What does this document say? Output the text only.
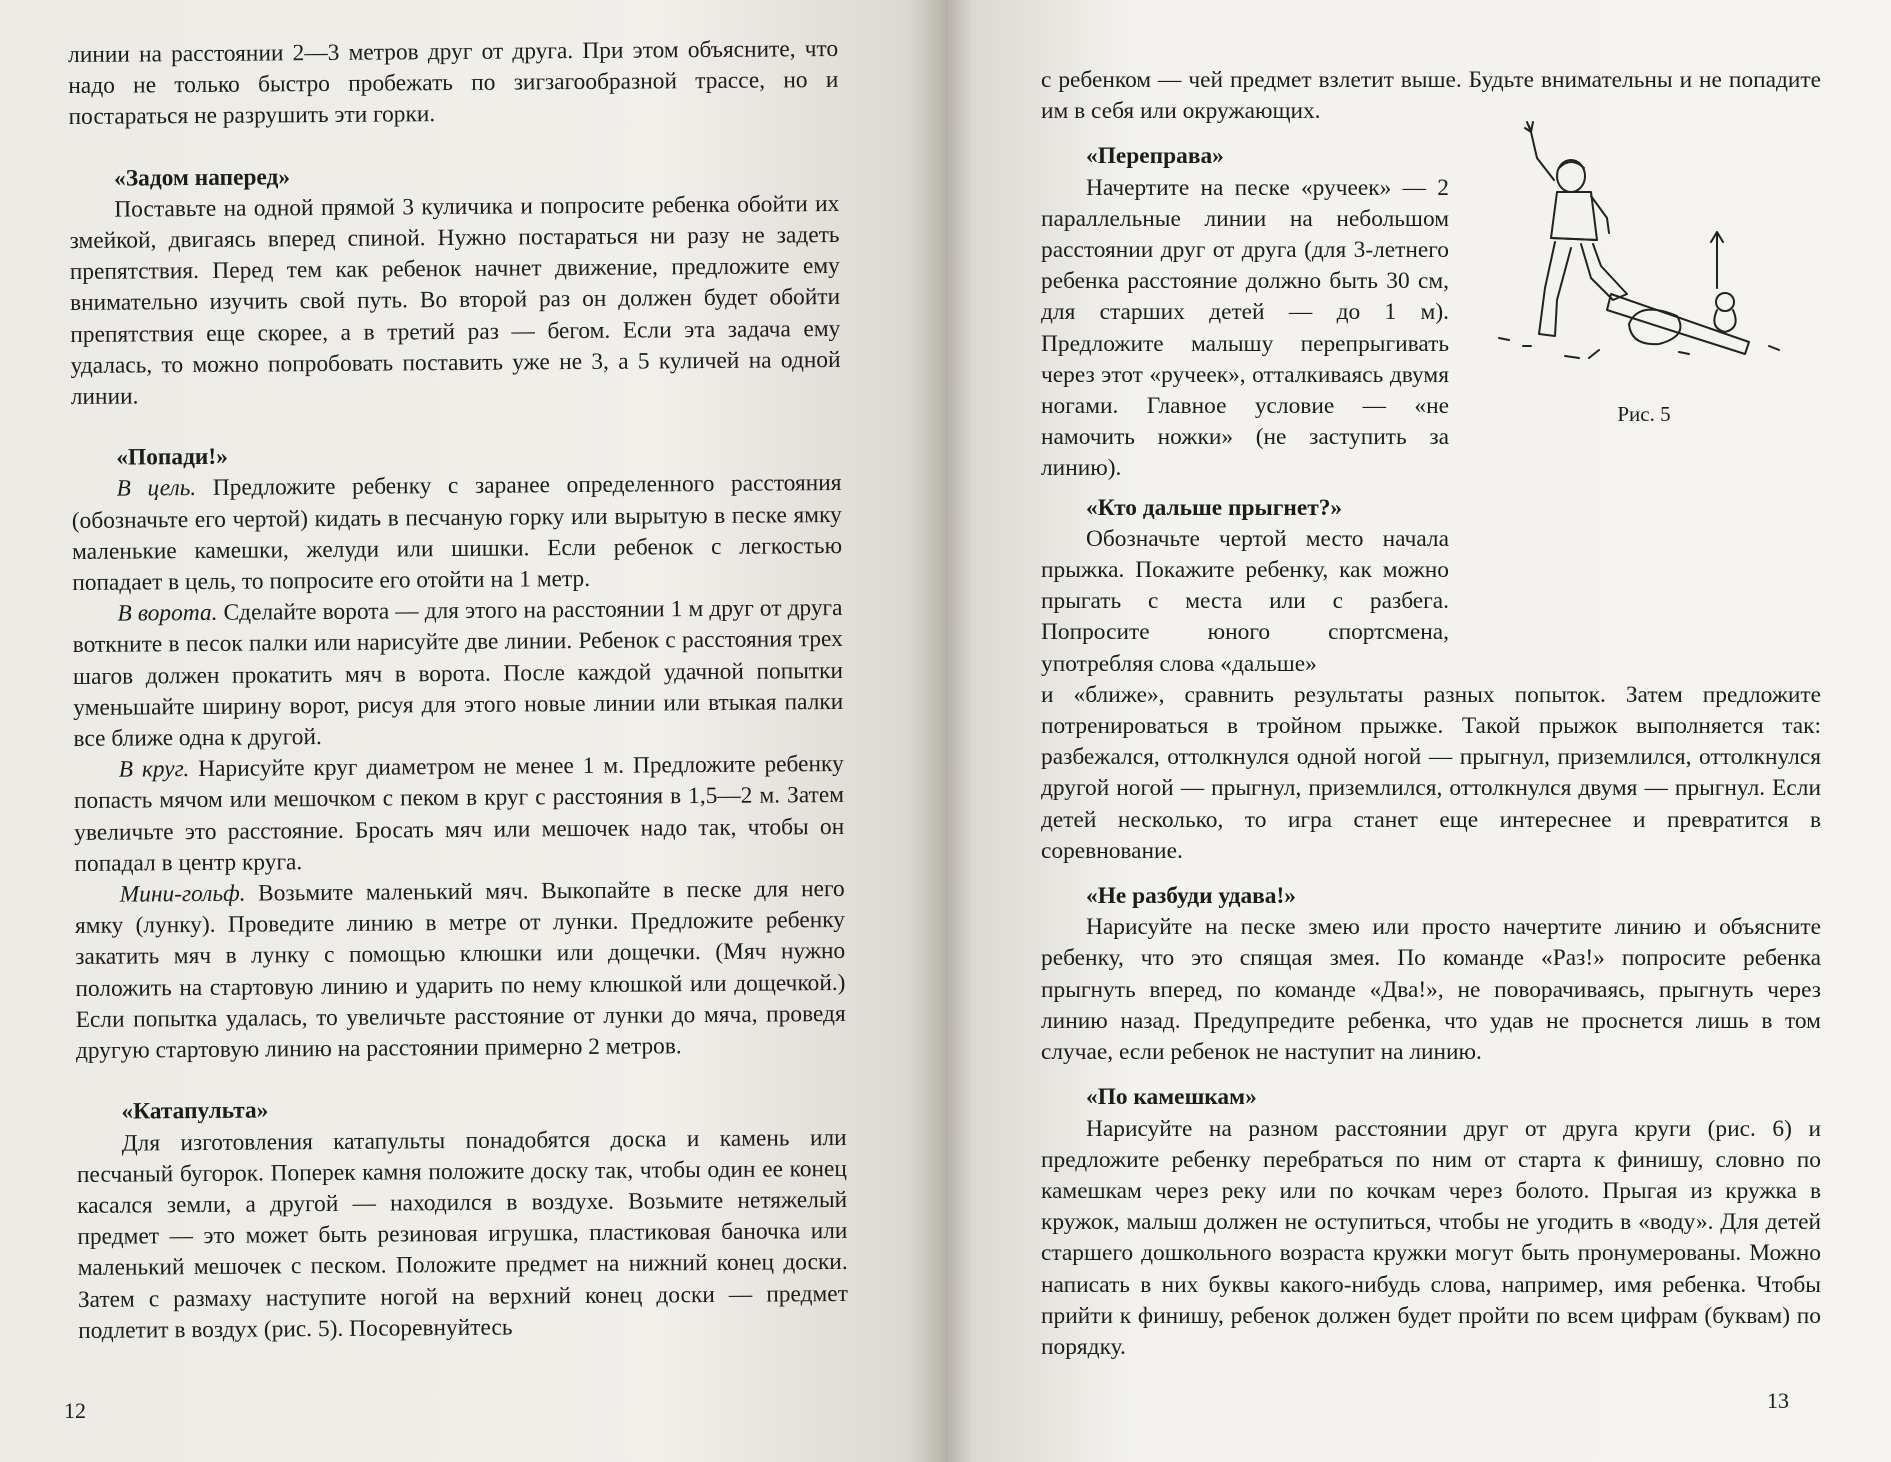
линии на расстоянии 2—3 метров друг от друга. При этом объясните, что надо не только быстро пробежать по зигзагообразной трассе, но и постараться не разрушить эти горки.

«Задом наперед»

Поставьте на одной прямой 3 куличика и попросите ребенка обойти их змейкой, двигаясь вперед спиной. Нужно постараться ни разу не задеть препятствия. Перед тем как ребенок начнет движение, предложите ему внимательно изучить свой путь. Во второй раз он должен будет обойти препятствия еще скорее, а в третий раз — бегом. Если эта задача ему удалась, то можно попробовать поставить уже не 3, а 5 куличей на одной линии.

«Попади!»

В цель. Предложите ребенку с заранее определенного расстояния (обозначьте его чертой) кидать в песчаную горку или вырытую в песке ямку маленькие камешки, желуди или шишки. Если ребенок с легкостью попадает в цель, то попросите его отойти на 1 метр.

В ворота. Сделайте ворота — для этого на расстоянии 1 м друг от друга воткните в песок палки или нарисуйте две линии. Ребенок с расстояния трех шагов должен прокатить мяч в ворота. После каждой удачной попытки уменьшайте ширину ворот, рисуя для этого новые линии или втыкая палки все ближе одна к другой.

В круг. Нарисуйте круг диаметром не менее 1 м. Предложите ребенку попасть мячом или мешочком с пеком в круг с расстояния в 1,5—2 м. Затем увеличьте это расстояние. Бросать мяч или мешочек надо так, чтобы он попадал в центр круга.

Мини-гольф. Возьмите маленький мяч. Выкопайте в песке для него ямку (лунку). Проведите линию в метре от лунки. Предложите ребенку закатить мяч в лунку с помощью клюшки или дощечки. (Мяч нужно положить на стартовую линию и ударить по нему клюшкой или дощечкой.) Если попытка удалась, то увеличьте расстояние от лунки до мяча, проведя другую стартовую линию на расстоянии примерно 2 метров.

«Катапульта»

Для изготовления катапульты понадобятся доска и камень или песчаный бугорок. Поперек камня положите доску так, чтобы один ее конец касался земли, а другой — находился в воздухе. Возьмите нетяжелый предмет — это может быть резиновая игрушка, пластиковая баночка или маленький мешочек с песком. Положите предмет на нижний конец доски. Затем с размаху наступите ногой на верхний конец доски — предмет подлетит в воздух (рис. 5). Посоревнуйтесь

12

с ребенком — чей предмет взлетит выше. Будьте внимательны и не попадите им в себя или окружающих.

«Переправа»

Начертите на песке «ручеек» — 2 параллельные линии на небольшом расстоянии друг от друга (для 3-летнего ребенка расстояние должно быть 30 см, для старших детей — до 1 м). Предложите малышу перепрыгивать через этот «ручеек», отталкиваясь двумя ногами. Главное условие — «не намочить ножки» (не заступить за линию).

«Кто дальше прыгнет?»

Обозначьте чертой место начала прыжка. Покажите ребенку, как можно прыгать с места или с разбега. Попросите юного спортсмена, употребляя слова «дальше»

и «ближе», сравнить результаты разных попыток. Затем предложите потренироваться в тройном прыжке. Такой прыжок выполняется так: разбежался, оттолкнулся одной ногой — прыгнул, приземлился, оттолкнулся другой ногой — прыгнул, приземлился, оттолкнулся двумя — прыгнул. Если детей несколько, то игра станет еще интереснее и превратится в соревнование.

«Не разбуди удава!»

Нарисуйте на песке змею или просто начертите линию и объясните ребенку, что это спящая змея. По команде «Раз!» попросите ребенка прыгнуть вперед, по команде «Два!», не поворачиваясь, прыгнуть через линию назад. Предупредите ребенка, что удав не проснется лишь в том случае, если ребенок не наступит на линию.

«По камешкам»

Нарисуйте на разном расстоянии друг от друга круги (рис. 6) и предложите ребенку перебраться по ним от старта к финишу, словно по камешкам через реку или по кочкам через болото. Прыгая из кружка в кружок, малыш должен не оступиться, чтобы не угодить в «воду». Для детей старшего дошкольного возраста кружки могут быть пронумерованы. Можно написать в них буквы какого-нибудь слова, например, имя ребенка. Чтобы прийти к финишу, ребенок должен будет пройти по всем цифрам (буквам) по порядку.

Рис. 5
13
